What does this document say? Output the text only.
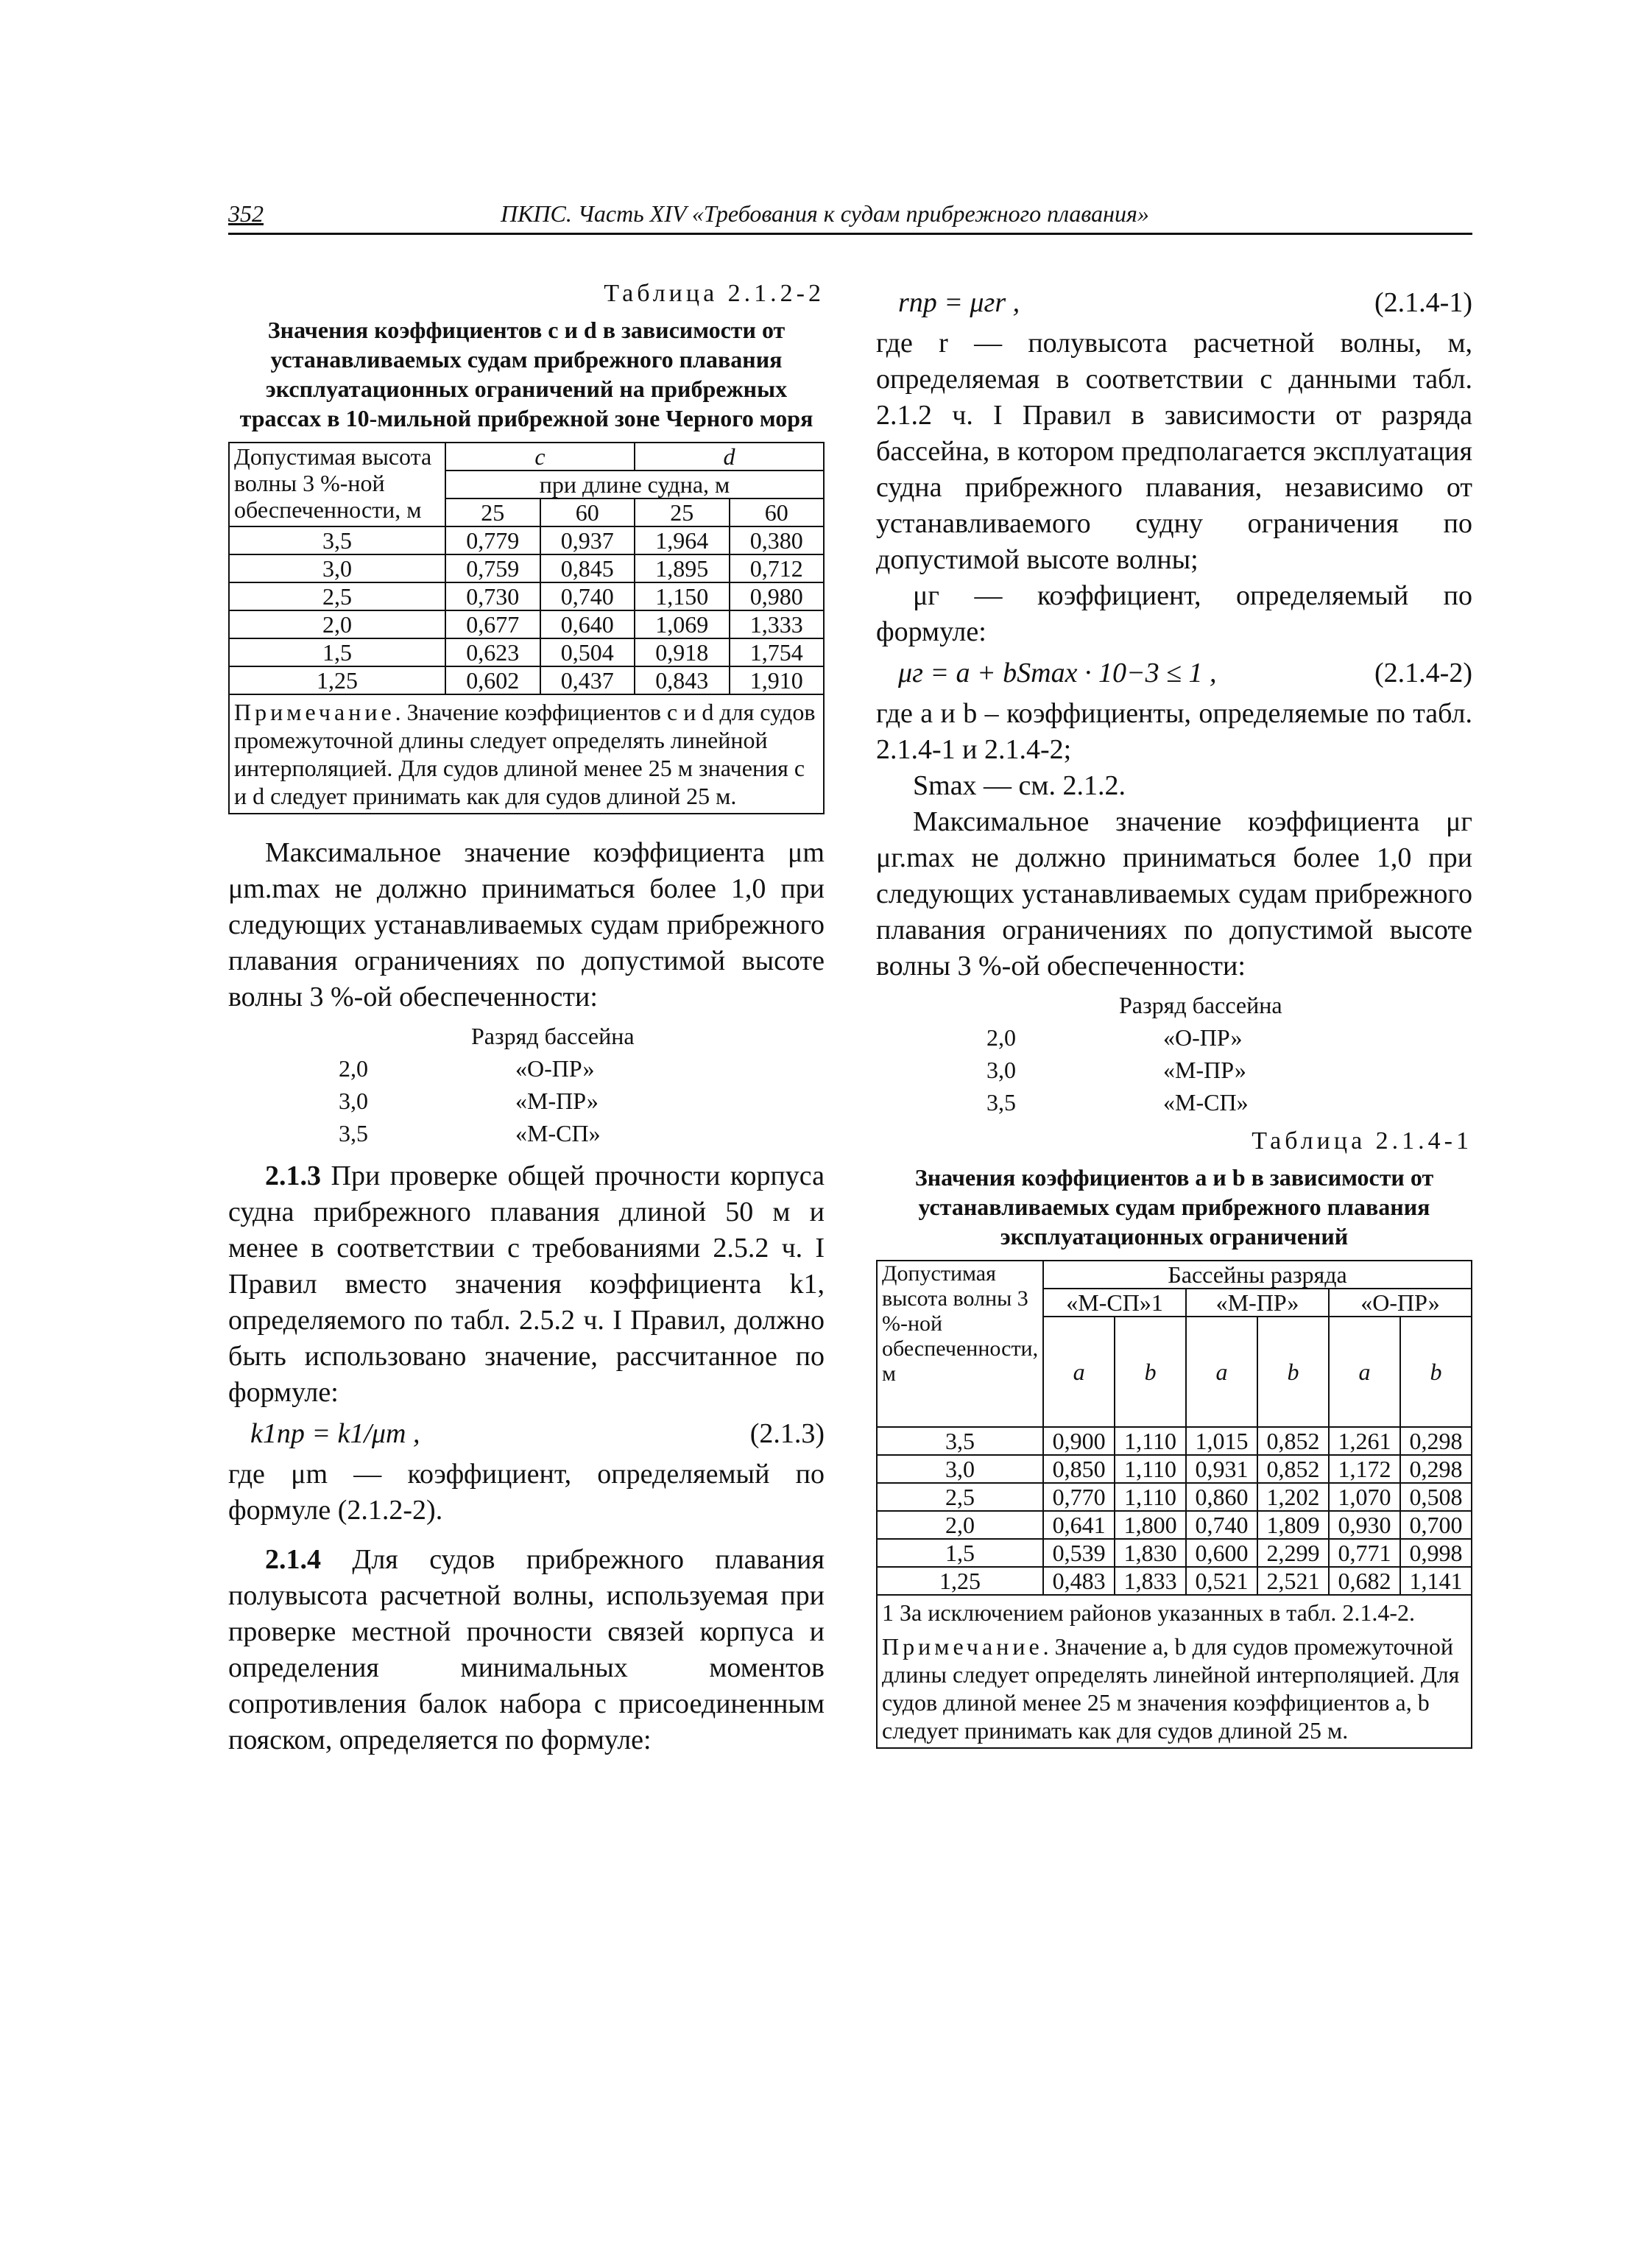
352	ПКПС. Часть XIV «Требования к судам прибрежного плавания»
Таблица 2.1.2-2
Значения коэффициентов c и d в зависимости от устанавливаемых судам прибрежного плавания эксплуатационных ограничений на прибрежных трассах в 10-мильной прибрежной зоне Черного моря
Допустимая высота волны 3 %-ной обеспеченности, м	c		d	
	при длине судна, м			
	25	60	25	60
3,5	0,779	0,937	1,964	0,380
3,0	0,759	0,845	1,895	0,712
2,5	0,730	0,740	1,150	0,980
2,0	0,677	0,640	1,069	1,333
1,5	0,623	0,504	0,918	1,754
1,25	0,602	0,437	0,843	1,910
Примечание. Значение коэффициентов c и d для судов промежуточной длины следует определять линейной интерполяцией. Для судов длиной менее 25 м значения c и d следует принимать как для судов длиной 25 м.				

Максимальное значение коэффициента μm μm.max не должно приниматься более 1,0 при следующих устанавливаемых судам прибрежного плавания ограничениях по допустимой высоте волны 3 %-ой обеспеченности:

Разряд бассейна
2,0	«О-ПР»
3,0	«М-ПР»
3,5	«М-СП»

2.1.3 При проверке общей прочности корпуса судна прибрежного плавания длиной 50 м и менее в соответствии с требованиями 2.5.2 ч. I Правил вместо значения коэффициента k1, определяемого по табл. 2.5.2 ч. I Правил, должно быть использовано значение, рассчитанное по формуле:

k1пр = k1/μm ,	(2.1.3)

где μm — коэффициент, определяемый по формуле (2.1.2-2).

2.1.4 Для судов прибрежного плавания полувысота расчетной волны, используемая при проверке местной прочности связей корпуса и определения минимальных моментов сопротивления балок набора с присоединенным пояском, определяется по формуле:

rпр = μгr ,	(2.1.4-1)

где r — полувысота расчетной волны, м, определяемая в соответствии с данными табл. 2.1.2 ч. I Правил в зависимости от разряда бассейна, в котором предполагается эксплуатация судна прибрежного плавания, независимо от устанавливаемого судну ограничения по допустимой высоте волны;

μг — коэффициент, определяемый по формуле:

μг = a + bSmax · 10−3 ≤ 1 ,	(2.1.4-2)

где a и b – коэффициенты, определяемые по табл. 2.1.4-1 и 2.1.4-2;

Smax — см. 2.1.2.

Максимальное значение коэффициента μг μг.max не должно приниматься более 1,0 при следующих устанавливаемых судам прибрежного плавания ограничениях по допустимой высоте волны 3 %-ой обеспеченности:

Разряд бассейна
2,0	«О-ПР»
3,0	«М-ПР»
3,5	«М-СП»
Таблица 2.1.4-1
Значения коэффициентов a и b в зависимости от устанавливаемых судам прибрежного плавания эксплуатационных ограничений
Допустимая высота волны 3 %-ной обеспеченности, м	Бассейны разряда					
	«М-СП»1		«М-ПР»		«О-ПР»	
	a	b	a	b	a	b
3,5	0,900	1,110	1,015	0,852	1,261	0,298
3,0	0,850	1,110	0,931	0,852	1,172	0,298
2,5	0,770	1,110	0,860	1,202	1,070	0,508
2,0	0,641	1,800	0,740	1,809	0,930	0,700
1,5	0,539	1,830	0,600	2,299	0,771	0,998
1,25	0,483	1,833	0,521	2,521	0,682	1,141

1 За исключением районов указанных в табл. 2.1.4-2.
Примечание. Значение a, b для судов промежуточной длины следует определять линейной интерполяцией. Для судов длиной менее 25 м значения коэффициентов a, b следует принимать как для судов длиной 25 м.						
